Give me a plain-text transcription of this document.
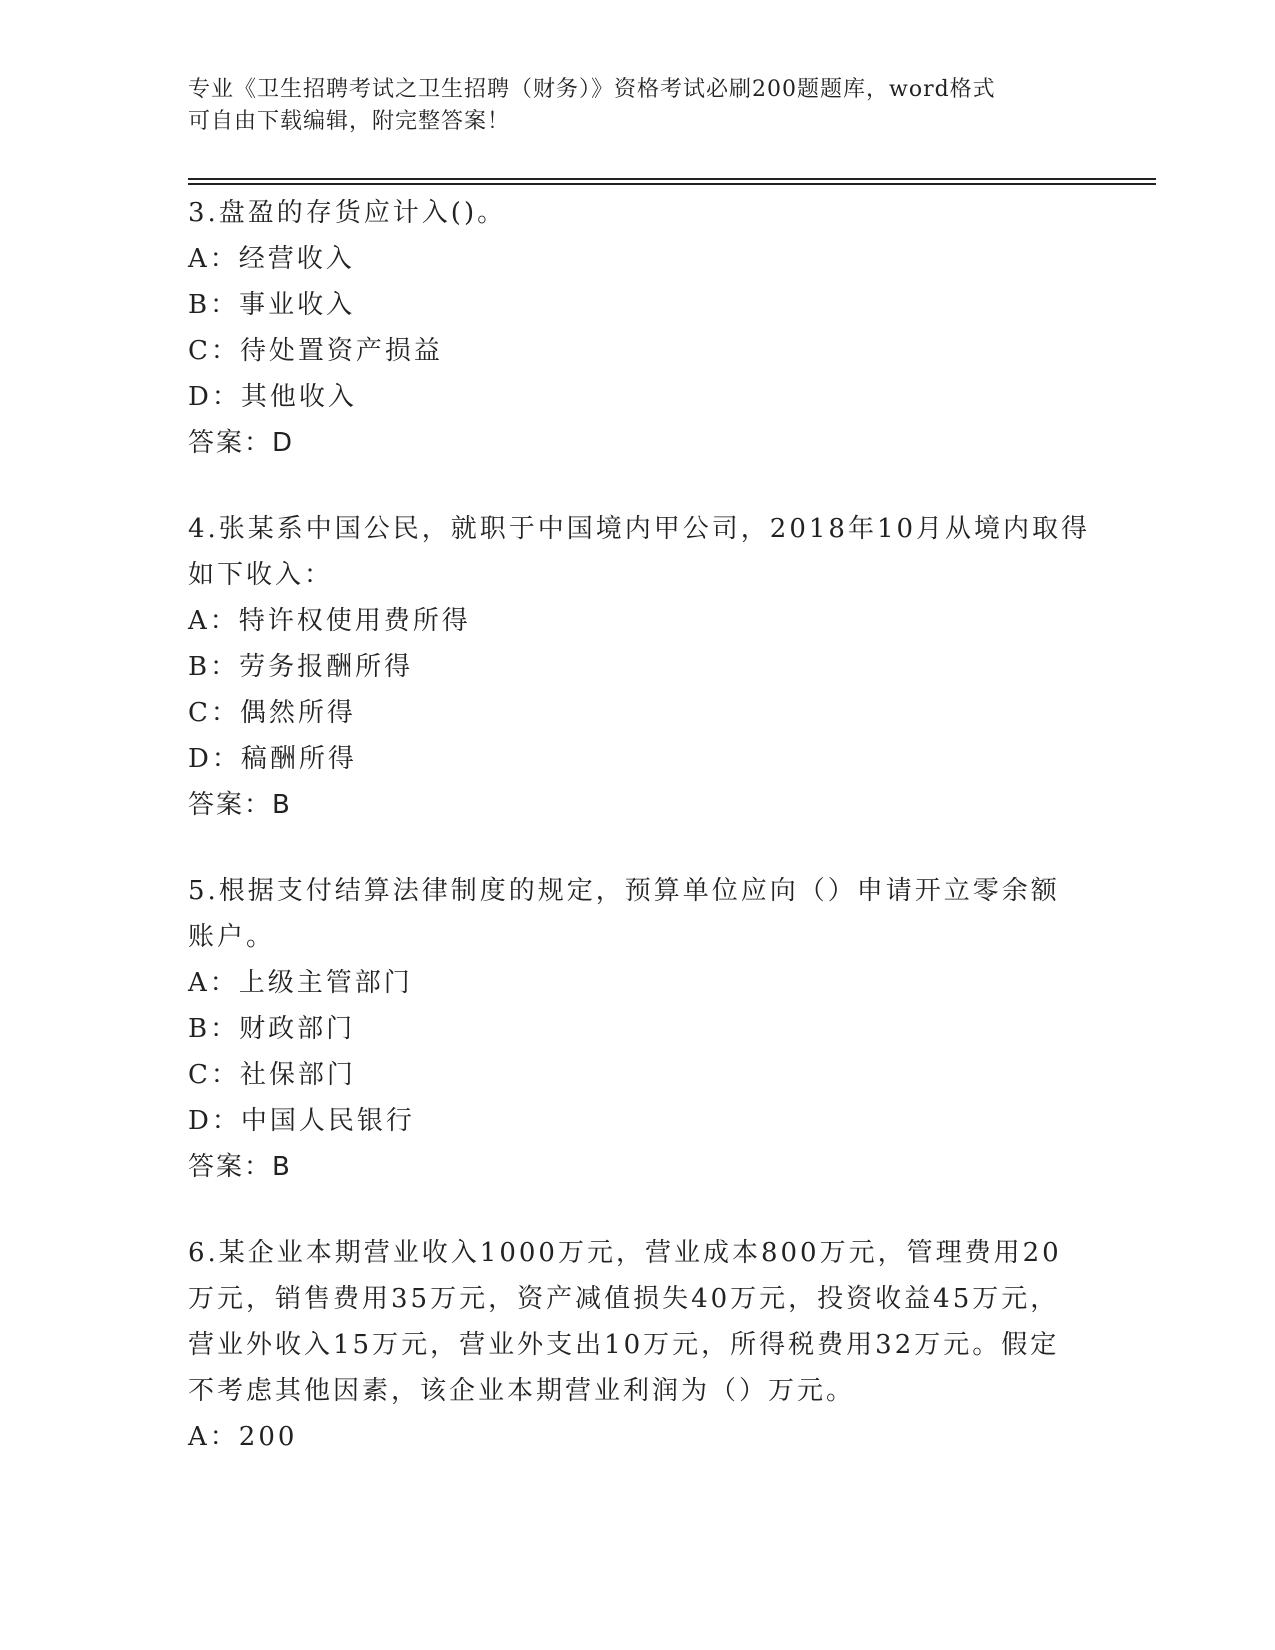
专业《卫生招聘考试之卫生招聘（财务）》资格考试必刷200题题库，word格式
可自由下载编辑，附完整答案！
3.盘盈的存货应计入()。
A：经营收入
B：事业收入
C：待处置资产损益
D：其他收入
答案：D
4.张某系中国公民，就职于中国境内甲公司，2018年10月从境内取得
如下收入：
A：特许权使用费所得
B：劳务报酬所得
C：偶然所得
D：稿酬所得
答案：B
5.根据支付结算法律制度的规定，预算单位应向（）申请开立零余额
账户。
A：上级主管部门
B：财政部门
C：社保部门
D：中国人民银行
答案：B
6.某企业本期营业收入1000万元，营业成本800万元，管理费用20
万元，销售费用35万元，资产减值损失40万元，投资收益45万元，
营业外收入15万元，营业外支出10万元，所得税费用32万元。假定
不考虑其他因素，该企业本期营业利润为（）万元。
A：200
